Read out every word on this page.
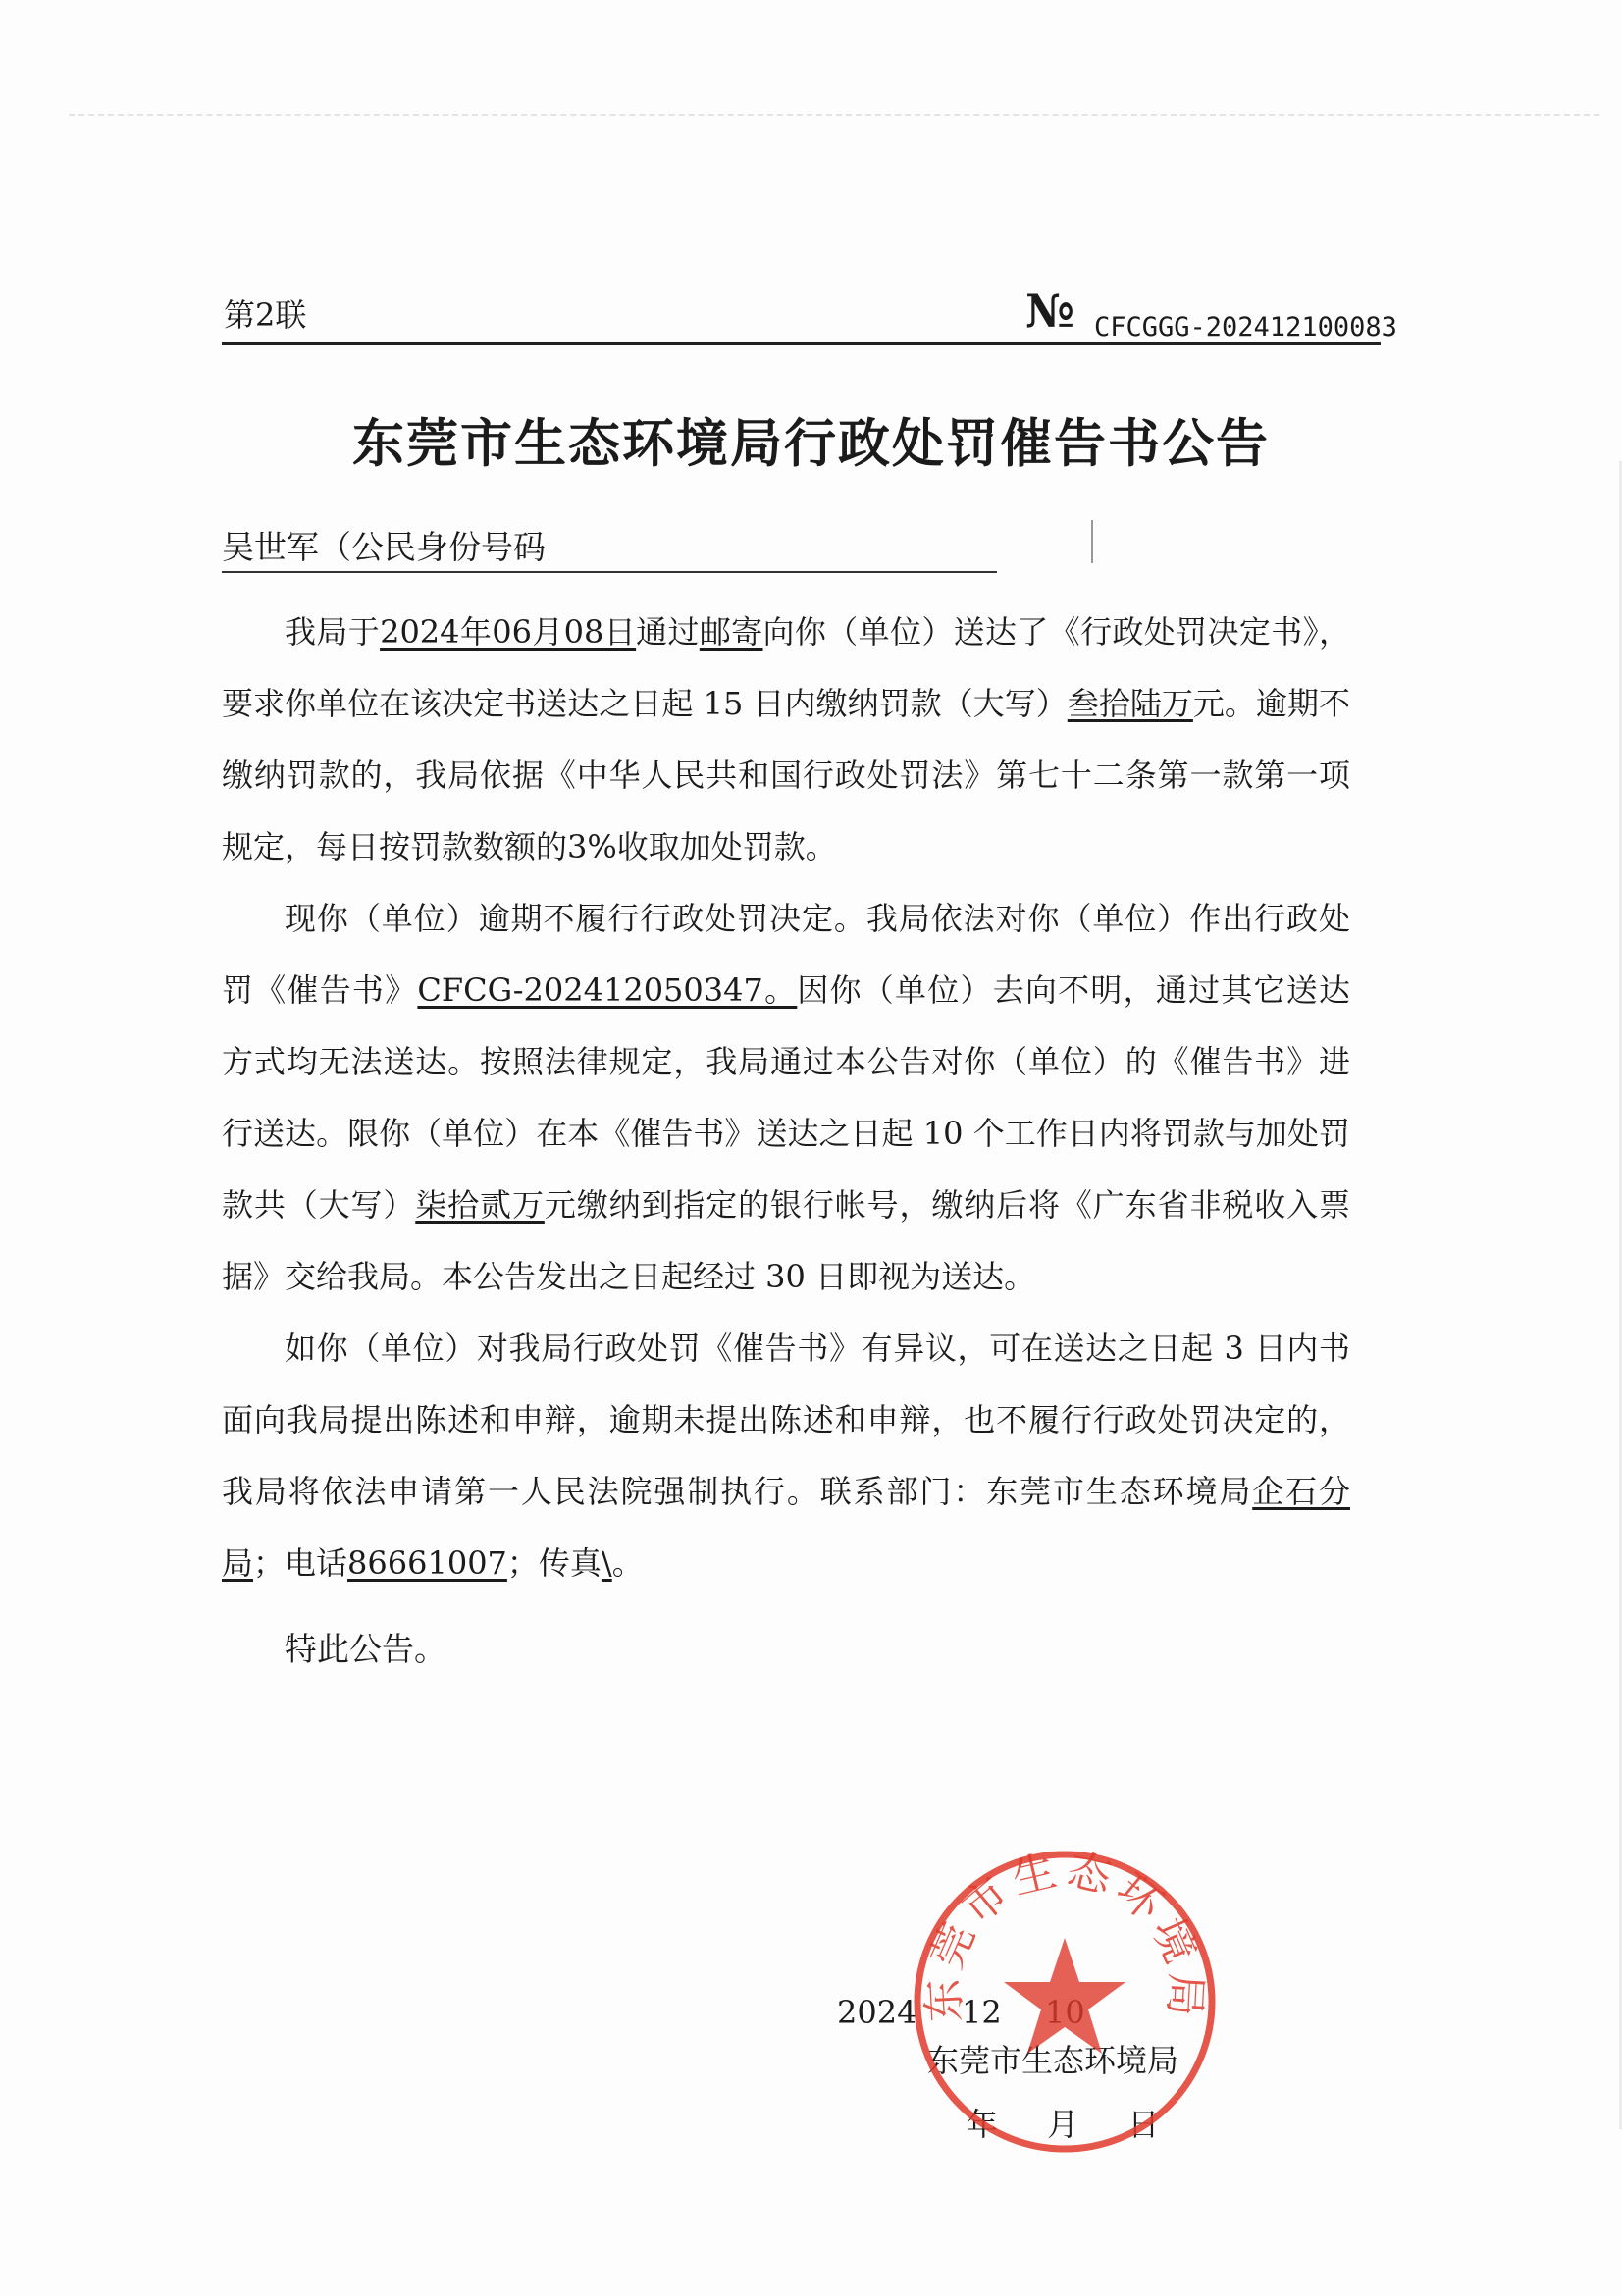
第2联	№ CFCGGG-202412100083
东莞市生态环境局行政处罚催告书公告
吴世军（公民身份号码

我局于2024年06月08日通过邮寄向你（单位）送达了《行政处罚决定书》，要求你单位在该决定书送达之日起 15 日内缴纳罚款（大写）叁拾陆万元。逾期不缴纳罚款的，我局依据《中华人民共和国行政处罚法》第七十二条第一款第一项规定，每日按罚款数额的3%收取加处罚款。

现你（单位）逾期不履行行政处罚决定。我局依法对你（单位）作出行政处罚《催告书》CFCG-202412050347。因你（单位）去向不明，通过其它送达方式均无法送达。按照法律规定，我局通过本公告对你（单位）的《催告书》进行送达。限你（单位）在本《催告书》送达之日起 10 个工作日内将罚款与加处罚款共（大写）柒拾贰万元缴纳到指定的银行帐号，缴纳后将《广东省非税收入票据》交给我局。本公告发出之日起经过 30 日即视为送达。

如你（单位）对我局行政处罚《催告书》有异议，可在送达之日起 3 日内书面向我局提出陈述和申辩，逾期未提出陈述和申辩，也不履行行政处罚决定的，我局将依法申请第一人民法院强制执行。联系部门：东莞市生态环境局企石分局；电话86661007；传真\。

特此公告。
2024 12
东莞市生态环境局
年 月 日
东莞市生态环境局
